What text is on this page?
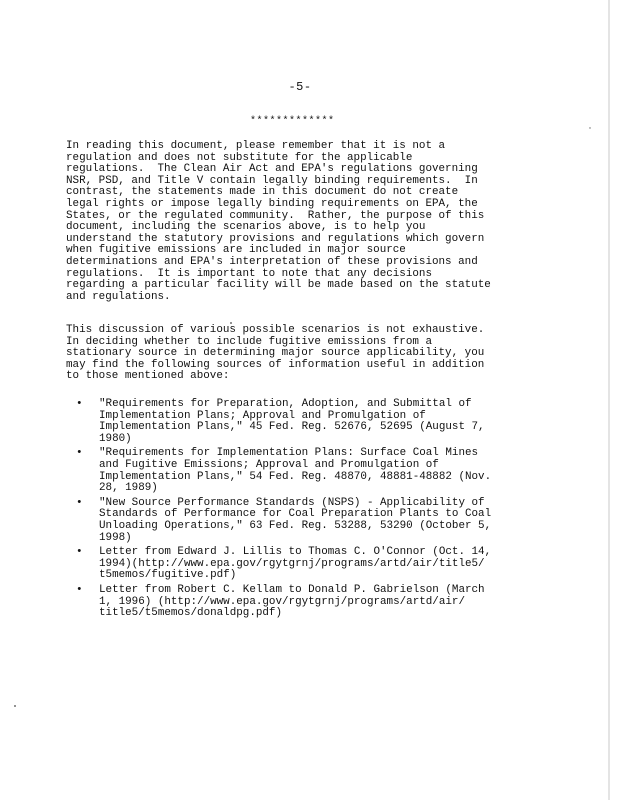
-5-
*************

In reading this document, please remember that it is not a
regulation and does not substitute for the applicable
regulations.  The Clean Air Act and EPA's regulations governing
NSR, PSD, and Title V contain legally binding requirements.  In
contrast, the statements made in this document do not create
legal rights or impose legally binding requirements on EPA, the
States, or the regulated community.  Rather, the purpose of this
document, including the scenarios above, is to help you
understand the statutory provisions and regulations which govern
when fugitive emissions are included in major source
determinations and EPA's interpretation of these provisions and
regulations.  It is important to note that any decisions
regarding a particular facility will be made based on the statute
and regulations.

This discussion of various possible scenarios is not exhaustive.
In deciding whether to include fugitive emissions from a
stationary source in determining major source applicability, you
may find the following sources of information useful in addition
to those mentioned above:

• "Requirements for Preparation, Adoption, and Submittal of
Implementation Plans; Approval and Promulgation of
Implementation Plans," 45 Fed. Reg. 52676, 52695 (August 7,
1980)

• "Requirements for Implementation Plans: Surface Coal Mines
and Fugitive Emissions; Approval and Promulgation of
Implementation Plans," 54 Fed. Reg. 48870, 48881-48882 (Nov.
28, 1989)

• "New Source Performance Standards (NSPS) - Applicability of
Standards of Performance for Coal Preparation Plants to Coal
Unloading Operations," 63 Fed. Reg. 53288, 53290 (October 5,
1998)

• Letter from Edward J. Lillis to Thomas C. O'Connor (Oct. 14,
1994)(http://www.epa.gov/rgytgrnj/programs/artd/air/title5/
t5memos/fugitive.pdf)

• Letter from Robert C. Kellam to Donald P. Gabrielson (March
1, 1996) (http://www.epa.gov/rgytgrnj/programs/artd/air/
title5/t5memos/donaldpg.pdf)
